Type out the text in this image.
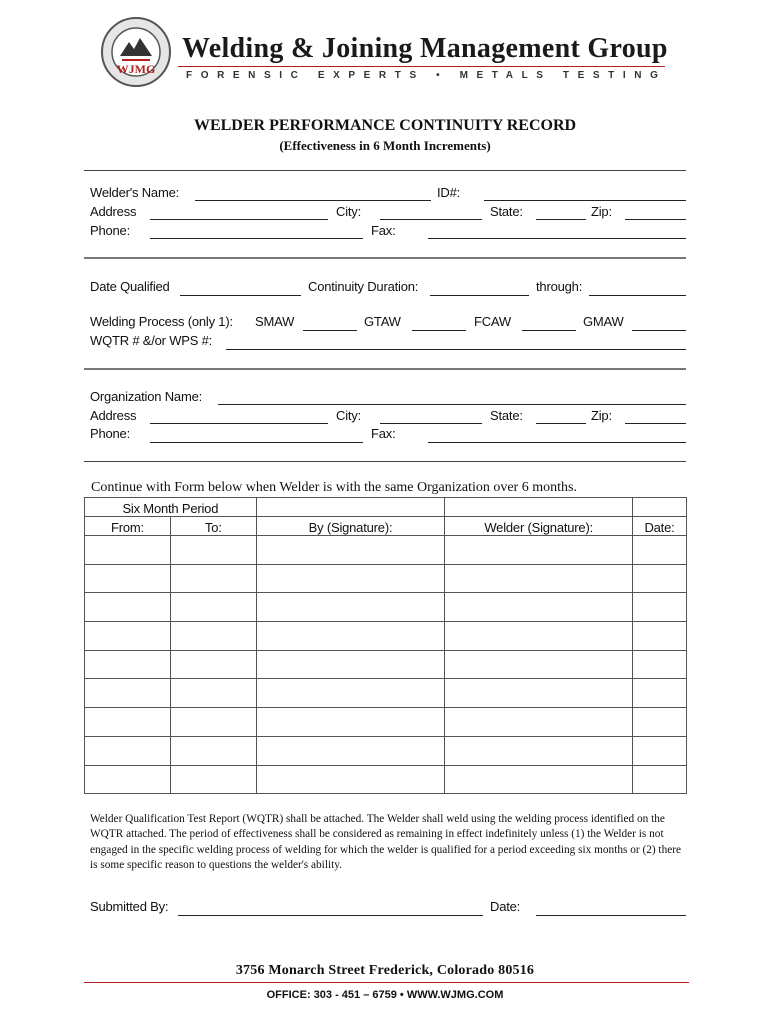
WJMG
Welding & Joining Management Group
FORENSIC EXPERTS • METALS TESTING
WELDER PERFORMANCE CONTINUITY RECORD
(Effectiveness in 6 Month Increments)
Welder's Name:	ID#:
Address	City:	State:	Zip:
Phone:	Fax:
Date Qualified	Continuity Duration:	through:
Welding Process (only 1): SMAW	GTAW	FCAW	GMAW
WQTR # &/or WPS #:
Organization Name:
Address	City:	State:	Zip:
Phone:	Fax:
Continue with Form below when Welder is with the same Organization over 6 months.
Six Month Period				
From:	To:	By (Signature):	Welder (Signature):	Date:

Welder Qualification Test Report (WQTR) shall be attached. The Welder shall weld using the welding process identified on the WQTR attached. The period of effectiveness shall be considered as remaining in effect indefinitely unless (1) the Welder is not engaged in the specific welding process of welding for which the welder is qualified for a period exceeding six months or (2) there is some specific reason to questions the welder's ability.
Submitted By:	Date:
3756 Monarch Street Frederick, Colorado 80516
OFFICE: 303 - 451 – 6759 • WWW.WJMG.COM
